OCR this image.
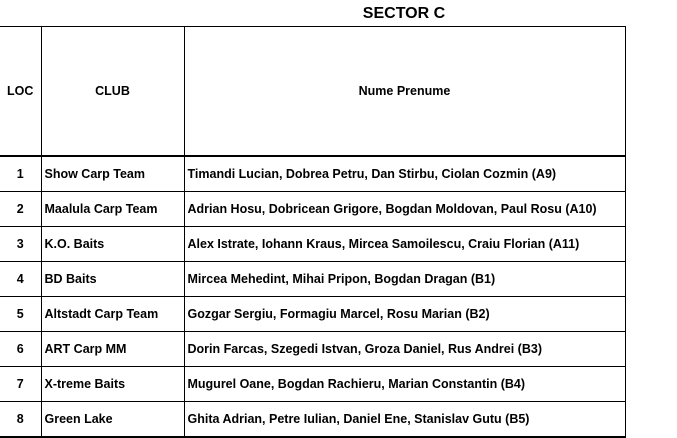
SECTOR C
LOC	CLUB	Nume Prenume
1	Show Carp Team	Timandi Lucian, Dobrea Petru, Dan Stirbu, Ciolan Cozmin (A9)
2	Maalula Carp Team	Adrian Hosu, Dobricean Grigore, Bogdan Moldovan, Paul Rosu (A10)
3	K.O. Baits	Alex Istrate, Iohann Kraus, Mircea Samoilescu, Craiu Florian (A11)
4	BD Baits	Mircea Mehedint, Mihai Pripon, Bogdan Dragan (B1)
5	Altstadt Carp Team	Gozgar Sergiu, Formagiu Marcel, Rosu Marian (B2)
6	ART Carp MM	Dorin Farcas, Szegedi Istvan, Groza Daniel, Rus Andrei (B3)
7	X-treme Baits	Mugurel Oane, Bogdan Rachieru, Marian Constantin (B4)
8	Green Lake	Ghita Adrian, Petre Iulian, Daniel Ene, Stanislav Gutu (B5)
